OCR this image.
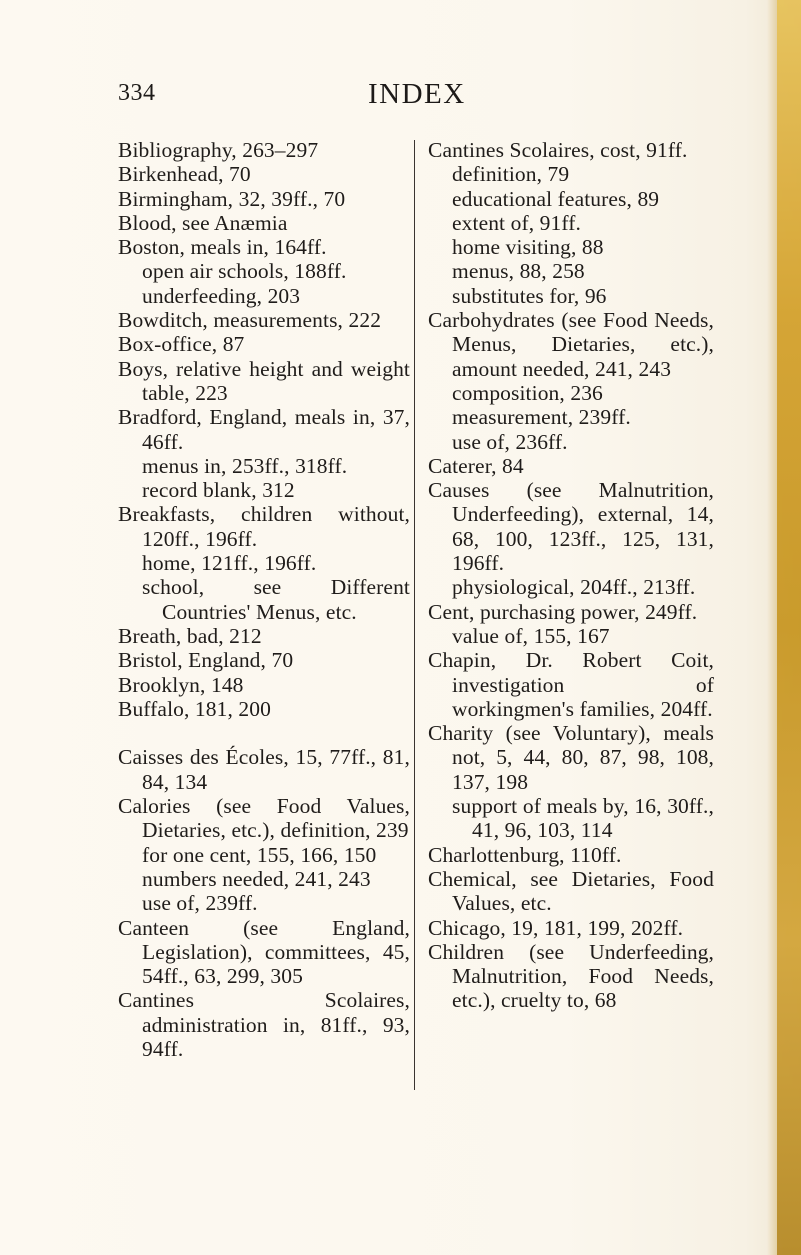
334	INDEX
Bibliography, 263–297
Birkenhead, 70
Birmingham, 32, 39ff., 70
Blood, see Anæmia
Boston, meals in, 164ff.
open air schools, 188ff.
underfeeding, 203
Bowditch, measurements, 222
Box-office, 87
Boys, relative height and weight table, 223
Bradford, England, meals in, 37, 46ff.
menus in, 253ff., 318ff.
record blank, 312
Breakfasts, children without, 120ff., 196ff.
home, 121ff., 196ff.
school, see Different Countries' Menus, etc.
Breath, bad, 212
Bristol, England, 70
Brooklyn, 148
Buffalo, 181, 200
Caisses des Écoles, 15, 77ff., 81, 84, 134
Calories (see Food Values, Dietaries, etc.), definition, 239
for one cent, 155, 166, 150
numbers needed, 241, 243
use of, 239ff.
Canteen (see England, Legislation), committees, 45, 54ff., 63, 299, 305
Cantines Scolaires, administration in, 81ff., 93, 94ff.
Cantines Scolaires, cost, 91ff.
definition, 79
educational features, 89
extent of, 91ff.
home visiting, 88
menus, 88, 258
substitutes for, 96
Carbohydrates (see Food Needs, Menus, Dietaries, etc.), amount needed, 241, 243
composition, 236
measurement, 239ff.
use of, 236ff.
Caterer, 84
Causes (see Malnutrition, Underfeeding), external, 14, 68, 100, 123ff., 125, 131, 196ff.
physiological, 204ff., 213ff.
Cent, purchasing power, 249ff.
value of, 155, 167
Chapin, Dr. Robert Coit, investigation of workingmen's families, 204ff.
Charity (see Voluntary), meals not, 5, 44, 80, 87, 98, 108, 137, 198
support of meals by, 16, 30ff., 41, 96, 103, 114
Charlottenburg, 110ff.
Chemical, see Dietaries, Food Values, etc.
Chicago, 19, 181, 199, 202ff.
Children (see Underfeeding, Malnutrition, Food Needs, etc.), cruelty to, 68
